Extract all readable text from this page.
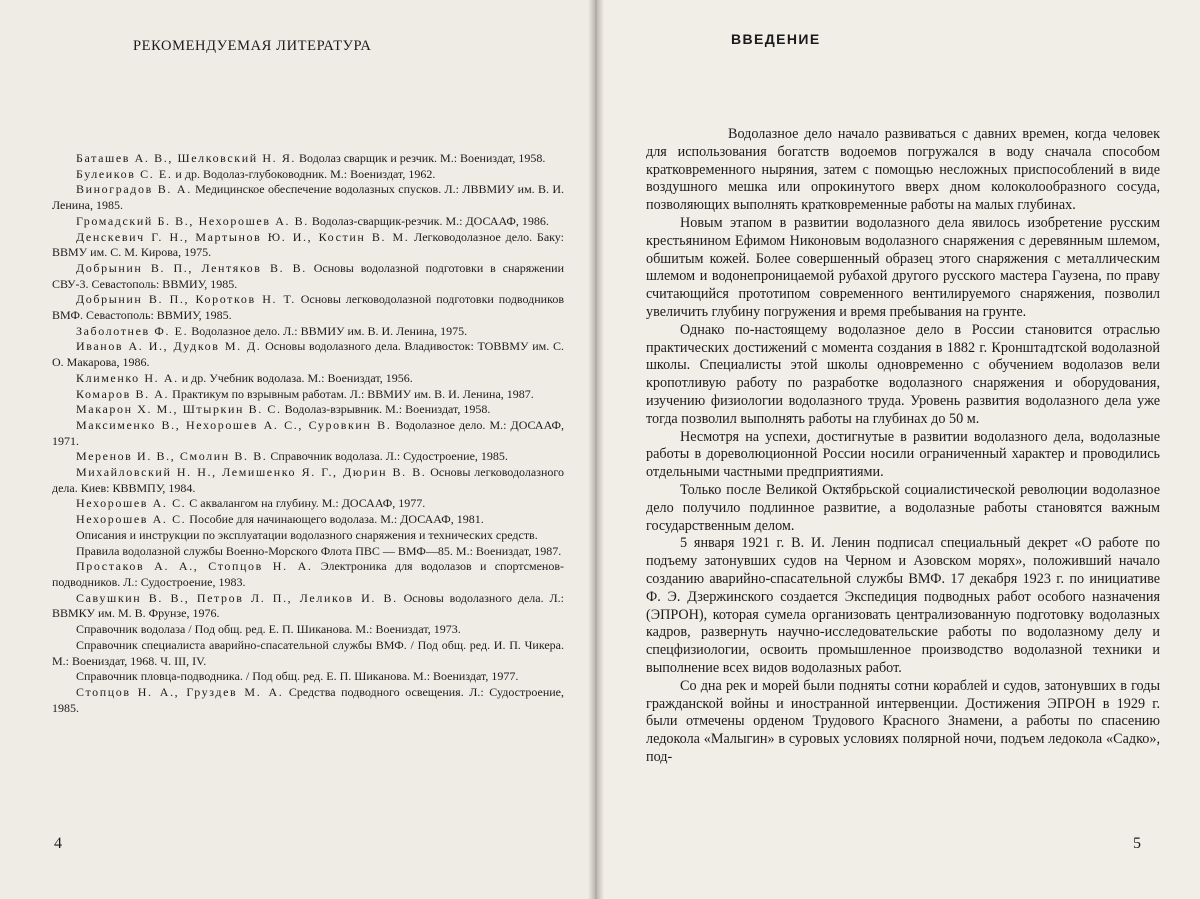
РЕКОМЕНДУЕМАЯ ЛИТЕРАТУРА

Баташев А. В., Шелковский Н. Я. Водолаз сварщик и резчик. М.: Воениздат, 1958.

Булеиков С. Е. и др. Водолаз-глубоководник. М.: Воениздат, 1962.

Виноградов В. А. Медицинское обеспечение водолазных спусков. Л.: ЛВВМИУ им. В. И. Ленина, 1985.

Громадский Б. В., Нехорошев А. В. Водолаз-сварщик-резчик. М.: ДОСААФ, 1986.

Денскевич Г. Н., Мартынов Ю. И., Костин В. М. Легководолазное дело. Баку: ВВМУ им. С. М. Кирова, 1975.

Добрынин В. П., Лентяков В. В. Основы водолазной подготовки в снаряжении СВУ-3. Севастополь: ВВМИУ, 1985.

Добрынин В. П., Коротков Н. Т. Основы легководолазной подготовки подводников ВМФ. Севастополь: ВВМИУ, 1985.

Заболотнев Ф. Е. Водолазное дело. Л.: ВВМИУ им. В. И. Ленина, 1975.

Иванов А. И., Дудков М. Д. Основы водолазного дела. Владивосток: ТОВВМУ им. С. О. Макарова, 1986.

Клименко Н. А. и др. Учебник водолаза. М.: Воениздат, 1956.

Комаров В. А. Практикум по взрывным работам. Л.: ВВМИУ им. В. И. Ленина, 1987.

Макарон Х. М., Штыркин В. С. Водолаз-взрывник. М.: Воениздат, 1958.

Максименко В., Нехорошев А. С., Суровкин В. Водолазное дело. М.: ДОСААФ, 1971.

Меренов И. В., Смолин В. В. Справочник водолаза. Л.: Судостроение, 1985.

Михайловский Н. Н., Лемишенко Я. Г., Дюрин В. В. Основы легководолазного дела. Киев: КВВМПУ, 1984.

Нехорошев А. С. С аквалангом на глубину. М.: ДОСААФ, 1977.

Нехорошев А. С. Пособие для начинающего водолаза. М.: ДОСААФ, 1981.

Описания и инструкции по эксплуатации водолазного снаряжения и технических средств.

Правила водолазной службы Военно-Морского Флота ПВС — ВМФ—85. М.: Воениздат, 1987.

Простаков А. А., Стопцов Н. А. Электроника для водолазов и спортсменов-подводников. Л.: Судостроение, 1983.

Савушкин В. В., Петров Л. П., Леликов И. В. Основы водолазного дела. Л.: ВВМКУ им. М. В. Фрунзе, 1976.

Справочник водолаза / Под общ. ред. Е. П. Шиканова. М.: Воениздат, 1973.

Справочник специалиста аварийно-спасательной службы ВМФ. / Под общ. ред. И. П. Чикера. М.: Воениздат, 1968. Ч. III, IV.

Справочник пловца-подводника. / Под общ. ред. Е. П. Шиканова. М.: Воениздат, 1977.

Стопцов Н. А., Груздев М. А. Средства подводного освещения. Л.: Судостроение, 1985.

4
ВВЕДЕНИЕ

Водолазное дело начало развиваться с давних времен, когда человек для использования богатств водоемов погружался в воду сначала способом кратковременного ныряния, затем с помощью несложных приспособлений в виде воздушного мешка или опрокинутого вверх дном колоколообразного сосуда, позволяющих выполнять кратковременные работы на малых глубинах.

Новым этапом в развитии водолазного дела явилось изобретение русским крестьянином Ефимом Никоновым водолазного снаряжения с деревянным шлемом, обшитым кожей. Более совершенный образец этого снаряжения с металлическим шлемом и водонепроницаемой рубахой другого русского мастера Гаузена, по праву считающийся прототипом современного вентилируемого снаряжения, позволил увеличить глубину погружения и время пребывания на грунте.

Однако по-настоящему водолазное дело в России становится отраслью практических достижений с момента создания в 1882 г. Кронштадтской водолазной школы. Специалисты этой школы одновременно с обучением водолазов вели кропотливую работу по разработке водолазного снаряжения и оборудования, изучению физиологии водолазного труда. Уровень развития водолазного дела уже тогда позволил выполнять работы на глубинах до 50 м.

Несмотря на успехи, достигнутые в развитии водолазного дела, водолазные работы в дореволюционной России носили ограниченный характер и проводились отдельными частными предприятиями.

Только после Великой Октябрьской социалистической революции водолазное дело получило подлинное развитие, а водолазные работы становятся важным государственным делом.

5 января 1921 г. В. И. Ленин подписал специальный декрет «О работе по подъему затонувших судов на Черном и Азовском морях», положивший начало созданию аварийно-спасательной службы ВМФ. 17 декабря 1923 г. по инициативе Ф. Э. Дзержинского создается Экспедиция подводных работ особого назначения (ЭПРОН), которая сумела организовать централизованную подготовку водолазных кадров, развернуть научно-исследовательские работы по водолазному делу и спецфизиологии, освоить промышленное производство водолазной техники и выполнение всех видов водолазных работ.

Со дна рек и морей были подняты сотни кораблей и судов, затонувших в годы гражданской войны и иностранной интервенции. Достижения ЭПРОН в 1929 г. были отмечены орденом Трудового Красного Знамени, а работы по спасению ледокола «Малыгин» в суровых условиях полярной ночи, подъем ледокола «Садко», под-

5
